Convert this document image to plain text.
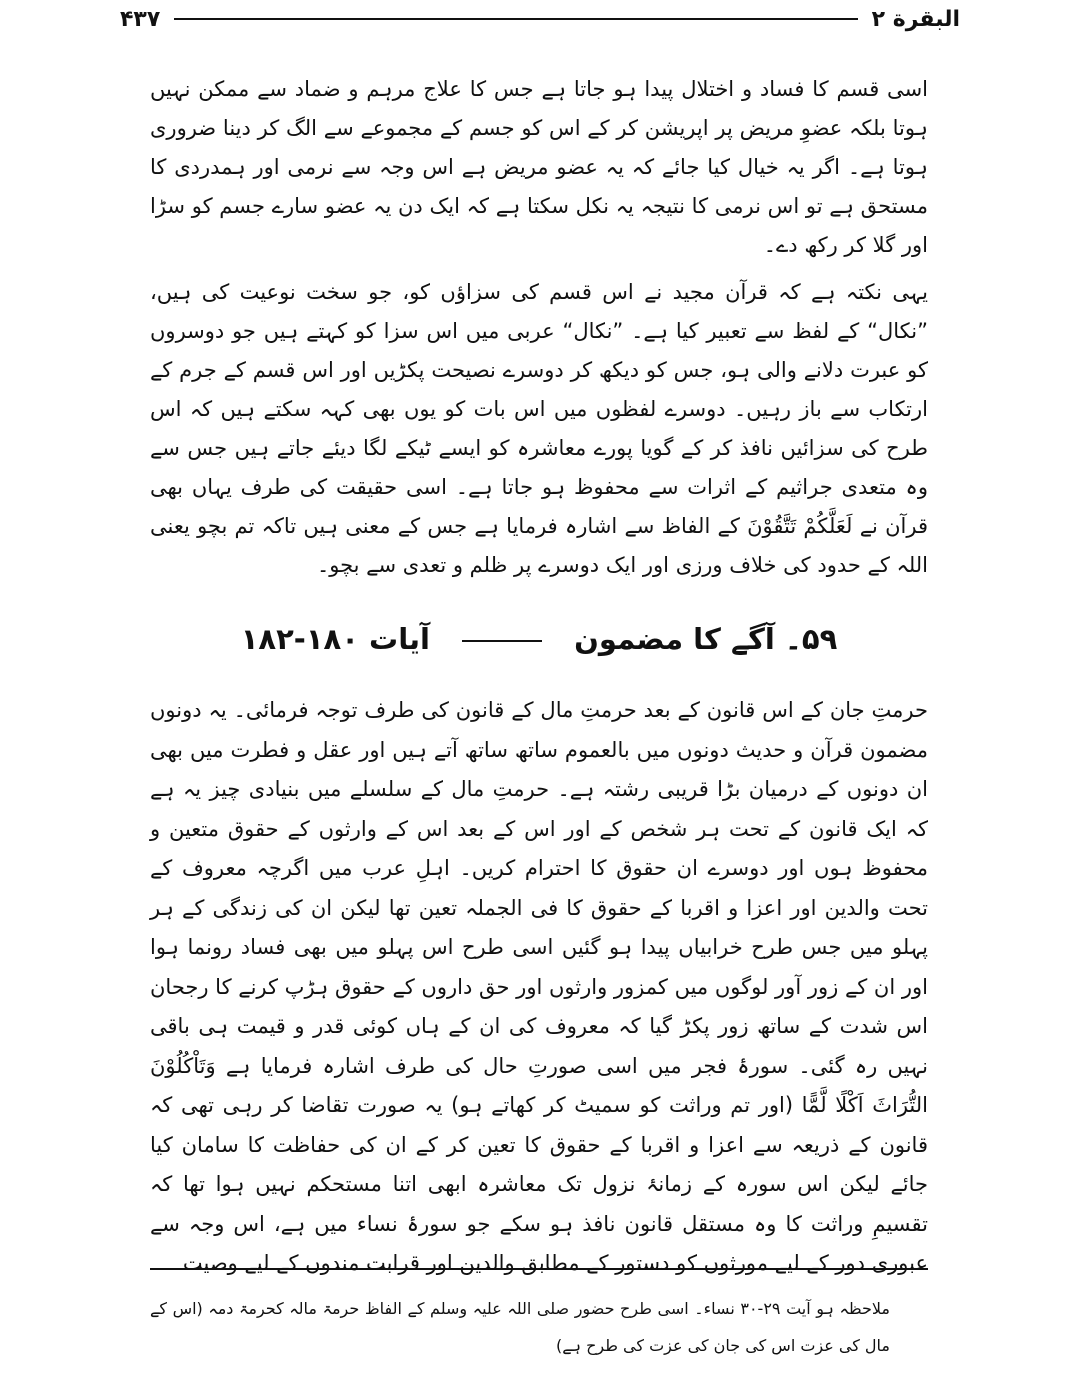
البقرة ۲
۴۳۷

اسی قسم کا فساد و اختلال پیدا ہو جاتا ہے جس کا علاج مرہم و ضماد سے ممکن نہیں ہوتا بلکہ عضوِ مریض پر اپریشن کر کے اس کو جسم کے مجموعے سے الگ کر دینا ضروری ہوتا ہے۔ اگر یہ خیال کیا جائے کہ یہ عضو مریض ہے اس وجہ سے نرمی اور ہمدردی کا مستحق ہے تو اس نرمی کا نتیجہ یہ نکل سکتا ہے کہ ایک دن یہ عضو سارے جسم کو سڑا اور گلا کر رکھ دے۔

یہی نکتہ ہے کہ قرآن مجید نے اس قسم کی سزاؤں کو، جو سخت نوعیت کی ہیں، ”نکال“ کے لفظ سے تعبیر کیا ہے۔ ”نکال“ عربی میں اس سزا کو کہتے ہیں جو دوسروں کو عبرت دلانے والی ہو، جس کو دیکھ کر دوسرے نصیحت پکڑیں اور اس قسم کے جرم کے ارتکاب سے باز رہیں۔ دوسرے لفظوں میں اس بات کو یوں بھی کہہ سکتے ہیں کہ اس طرح کی سزائیں نافذ کر کے گویا پورے معاشرہ کو ایسے ٹیکے لگا دیئے جاتے ہیں جس سے وہ متعدی جراثیم کے اثرات سے محفوظ ہو جاتا ہے۔ اسی حقیقت کی طرف یہاں بھی قرآن نے لَعَلَّکُمْ تَتَّقُوْنَ کے الفاظ سے اشارہ فرمایا ہے جس کے معنی ہیں تاکہ تم بچو یعنی اللہ کے حدود کی خلاف ورزی اور ایک دوسرے پر ظلم و تعدی سے بچو۔

۵۹۔ آگے کا مضمون  آیات ۱۸۰-۱۸۲

حرمتِ جان کے اس قانون کے بعد حرمتِ مال کے قانون کی طرف توجہ فرمائی۔ یہ دونوں مضمون قرآن و حدیث دونوں میں بالعموم ساتھ ساتھ آتے ہیں اور عقل و فطرت میں بھی ان دونوں کے درمیان بڑا قریبی رشتہ ہے۔ حرمتِ مال کے سلسلے میں بنیادی چیز یہ ہے کہ ایک قانون کے تحت ہر شخص کے اور اس کے بعد اس کے وارثوں کے حقوق متعین و محفوظ ہوں اور دوسرے ان حقوق کا احترام کریں۔ اہلِ عرب میں اگرچہ معروف کے تحت والدین اور اعزا و اقربا کے حقوق کا فی الجملہ تعین تھا لیکن ان کی زندگی کے ہر پہلو میں جس طرح خرابیاں پیدا ہو گئیں اسی طرح اس پہلو میں بھی فساد رونما ہوا اور ان کے زور آور لوگوں میں کمزور وارثوں اور حق داروں کے حقوق ہڑپ کرنے کا رجحان اس شدت کے ساتھ زور پکڑ گیا کہ معروف کی ان کے ہاں کوئی قدر و قیمت ہی باقی نہیں رہ گئی۔ سورۂ فجر میں اسی صورتِ حال کی طرف اشارہ فرمایا ہے وَتَاْکُلُوْنَ التُّرَاثَ اَکْلًا لَّمًّا (اور تم وراثت کو سمیٹ کر کھاتے ہو) یہ صورت تقاضا کر رہی تھی کہ قانون کے ذریعہ سے اعزا و اقربا کے حقوق کا تعین کر کے ان کی حفاظت کا سامان کیا جائے لیکن اس سورہ کے زمانۂ نزول تک معاشرہ ابھی اتنا مستحکم نہیں ہوا تھا کہ تقسیمِ وراثت کا وہ مستقل قانون نافذ ہو سکے جو سورۂ نساء میں ہے، اس وجہ سے عبوری دور کے لیے مورثوں کو دستور کے مطابق والدین اور قرابت مندوں کے لیے وصیت

ملاحظہ ہو آیت ۲۹-۳۰ نساء۔ اسی طرح حضور صلی اللہ علیہ وسلم کے الفاظ حرمۃ مالہ کحرمۃ دمہ (اس کے مال کی عزت اس کی جان کی عزت کی طرح ہے)
